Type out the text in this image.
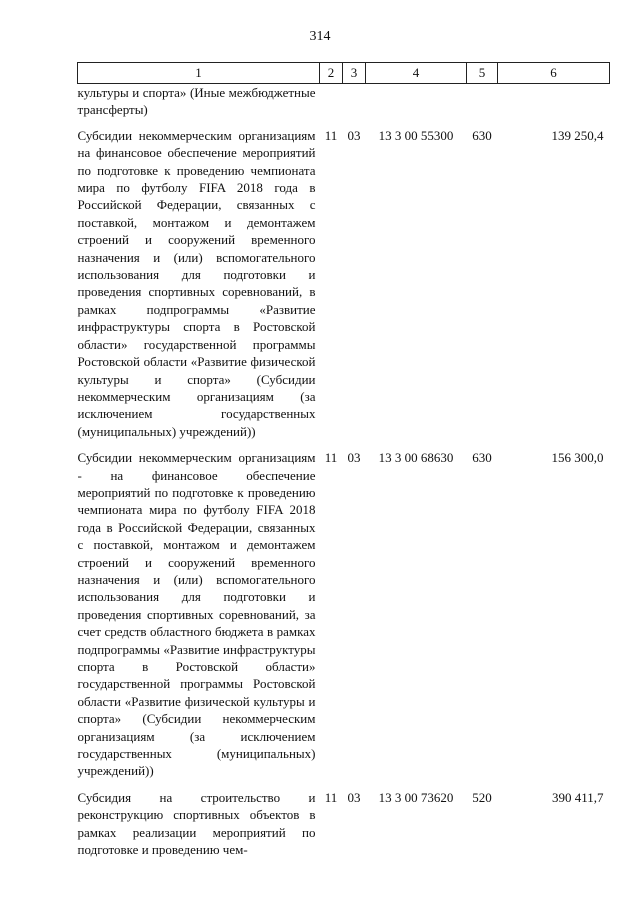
314
1	2	3	4	5	6
культуры и спорта» (Иные межбюджетные трансферты)					
Субсидии некоммерческим организациям на финансовое обеспечение мероприятий по подготовке к проведению чемпионата мира по футболу FIFA 2018 года в Российской Федерации, связанных с поставкой, монтажом и демонтажем строений и сооружений временного назначения и (или) вспомогательного использования для подготовки и проведения спортивных соревнований, в рамках подпрограммы «Развитие инфраструктуры спорта в Ростовской области» государственной программы Ростовской области «Развитие физической культуры и спорта» (Субсидии некоммерческим организациям (за исключением государственных (муниципальных) учреждений))	11	03	13 3 00 55300	630	139 250,4
Субсидии некоммерческим организациям - на финансовое обеспечение мероприятий по подготовке к проведению чемпионата мира по футболу FIFA 2018 года в Российской Федерации, связанных с поставкой, монтажом и демонтажем строений и сооружений временного назначения и (или) вспомогательного использования для подготовки и проведения спортивных соревнований, за счет средств областного бюджета в рамках подпрограммы «Развитие инфраструктуры спорта в Ростовской области» государственной программы Ростовской области «Развитие физической культуры и спорта» (Субсидии некоммерческим организациям (за исключением государственных (муниципальных) учреждений))	11	03	13 3 00 68630	630	156 300,0
Субсидия на строительство и реконструкцию спортивных объектов в рамках реализации мероприятий по подготовке и проведению чем-	11	03	13 3 00 73620	520	390 411,7
